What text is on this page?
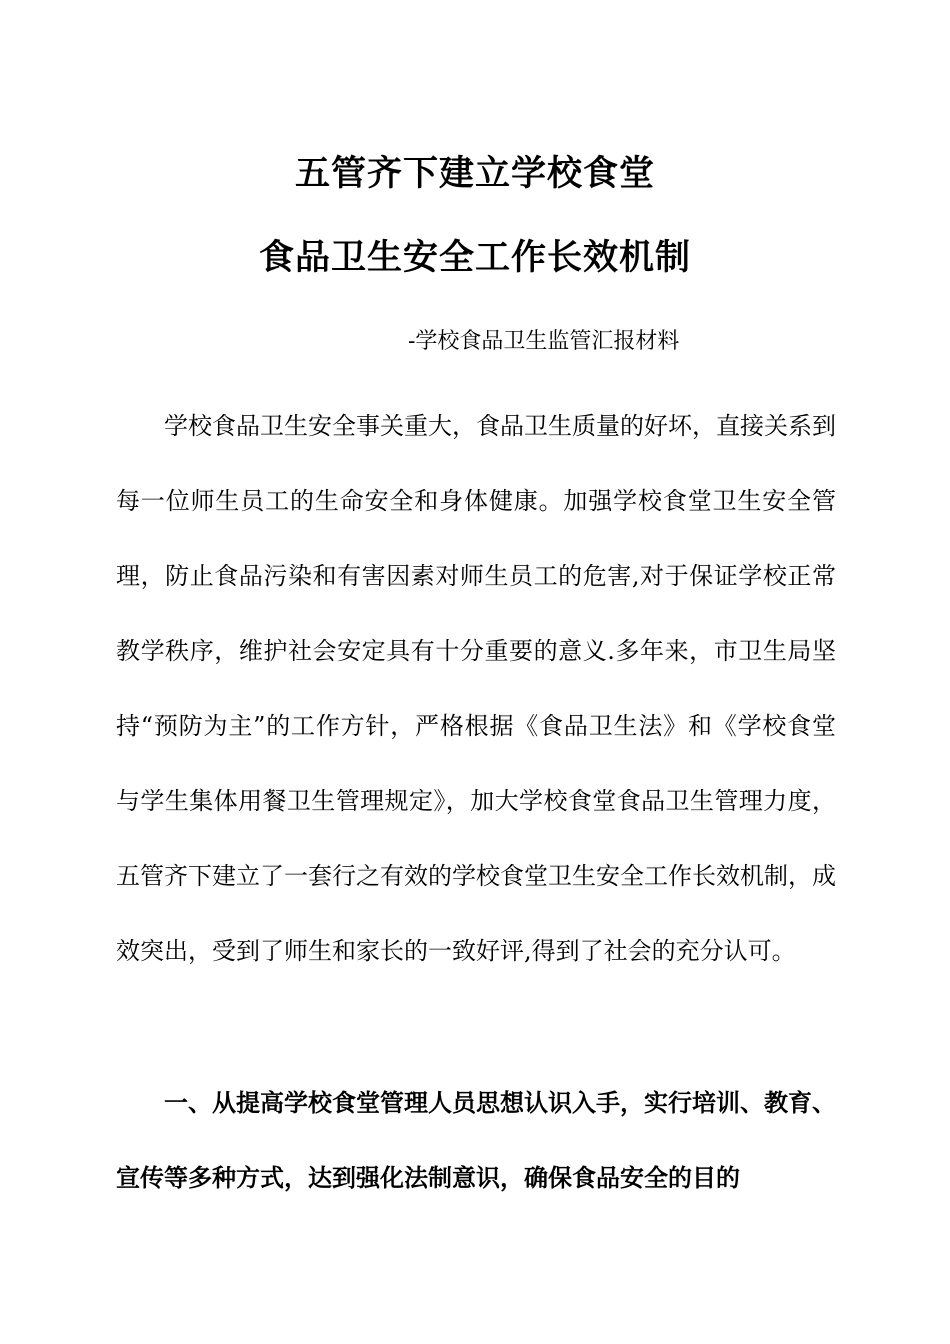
五管齐下建立学校食堂
食品卫生安全工作长效机制
-学校食品卫生监管汇报材料

学校食品卫生安全事关重大，食品卫生质量的好坏，直接关系到每一位师生员工的生命安全和身体健康。加强学校食堂卫生安全管理，防止食品污染和有害因素对师生员工的危害,对于保证学校正常教学秩序，维护社会安定具有十分重要的意义.多年来，市卫生局坚持“预防为主”的工作方针，严格根据《食品卫生法》和《学校食堂与学生集体用餐卫生管理规定》，加大学校食堂食品卫生管理力度，五管齐下建立了一套行之有效的学校食堂卫生安全工作长效机制，成效突出，受到了师生和家长的一致好评,得到了社会的充分认可。

一、从提高学校食堂管理人员思想认识入手，实行培训、教育、宣传等多种方式，达到强化法制意识，确保食品安全的目的
